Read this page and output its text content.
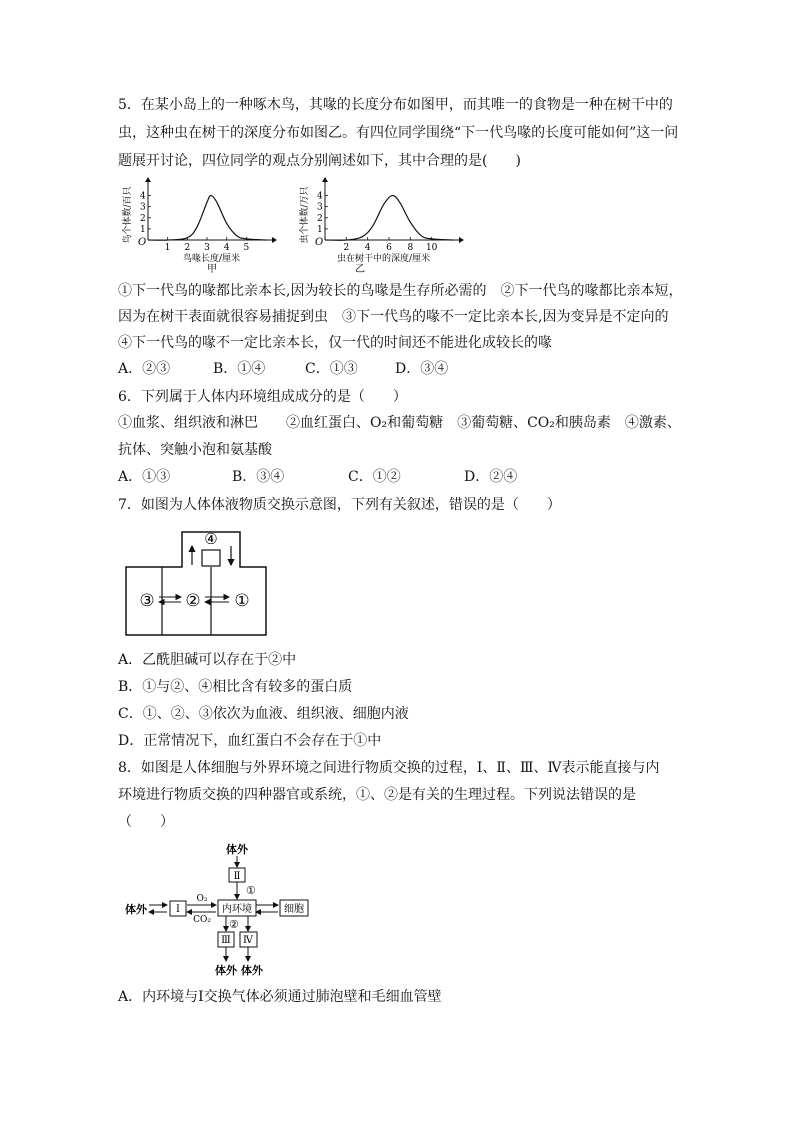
5．在某小岛上的一种啄木鸟，其喙的长度分布如图甲，而其唯一的食物是一种在树干中的
虫，这种虫在树干的深度分布如图乙。有四位同学围绕“下一代鸟喙的长度可能如何”这一问
题展开讨论，四位同学的观点分别阐述如下，其中合理的是(　　)
O
1
2
3
4
1 2 3 4 5
鸟喙长度/厘米
鸟个体数/百只
甲
O
1
2
3
4
2 4 6 8 10
虫在树干中的深度/厘米
虫个体数/万只
乙
①下一代鸟的喙都比亲本长,因为较长的鸟喙是生存所必需的　②下一代鸟的喙都比亲本短，
因为在树干表面就很容易捕捉到虫　③下一代鸟的喙不一定比亲本长,因为变异是不定向的
④下一代鸟的喙不一定比亲本长，仅一代的时间还不能进化成较长的喙
A．②③	B．①④	C．①③	D．③④
6．下列属于人体内环境组成成分的是（　　）
①血浆、组织液和淋巴　　②血红蛋白、O₂和葡萄糖　③葡萄糖、CO₂和胰岛素　④激素、
抗体、突触小泡和氨基酸
A．①③	B．③④	C．①②	D．②④
7．如图为人体体液物质交换示意图，下列有关叙述，错误的是（　　）
④
③ ② ①
A．乙酰胆碱可以存在于②中
B．①与②、④相比含有较多的蛋白质
C．①、②、③依次为血液、组织液、细胞内液
D．正常情况下，血红蛋白不会存在于①中
8．如图是人体细胞与外界环境之间进行物质交换的过程，Ⅰ、Ⅱ、Ⅲ、Ⅳ表示能直接与内
环境进行物质交换的四种器官或系统，①、②是有关的生理过程。下列说法错误的是
（　　）
体外
Ⅱ
①
体外	Ⅰ
O₂
CO₂
内环境	细胞
②
Ⅲ Ⅳ
体外 体外
A．内环境与Ⅰ交换气体必须通过肺泡壁和毛细血管壁
